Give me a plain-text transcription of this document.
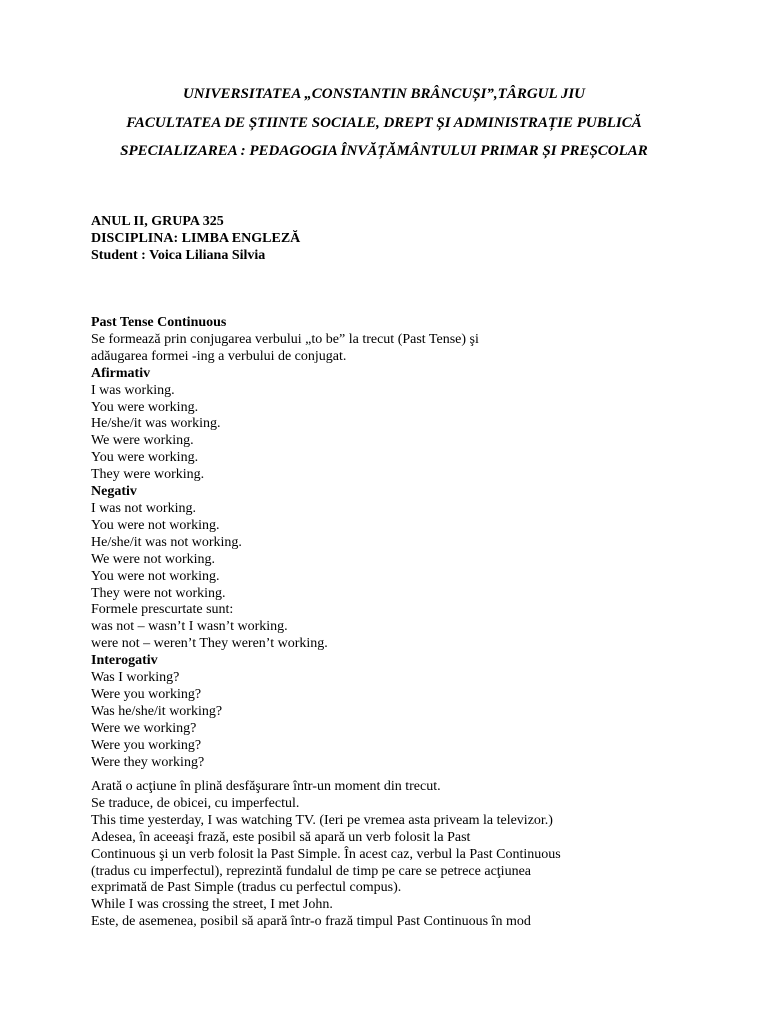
UNIVERSITATEA „CONSTANTIN BRÂNCUȘI”,TÂRGUL JIU
FACULTATEA DE ȘTIINTE SOCIALE, DREPT ȘI ADMINISTRAȚIE PUBLICĂ
SPECIALIZAREA : PEDAGOGIA ÎNVĂȚĂMÂNTULUI PRIMAR ȘI PREȘCOLAR
ANUL II, GRUPA 325
DISCIPLINA: LIMBA ENGLEZĂ
Student : Voica Liliana Silvia
Past Tense Continuous
Se formează prin conjugarea verbului „to be” la trecut (Past Tense) şi
adăugarea formei -ing a verbului de conjugat.
Afirmativ
I was working.
You were working.
He/she/it was working.
We were working.
You were working.
They were working.
Negativ
I was not working.
You were not working.
He/she/it was not working.
We were not working.
You were not working.
They were not working.
Formele prescurtate sunt:
was not – wasn’t I wasn’t working.
were not – weren’t They weren’t working.
Interogativ
Was I working?
Were you working?
Was he/she/it working?
Were we working?
Were you working?
Were they working?
Arată o acţiune în plină desfăşurare într-un moment din trecut.
Se traduce, de obicei, cu imperfectul.
This time yesterday, I was watching TV. (Ieri pe vremea asta priveam la televizor.)
Adesea, în aceeaşi frază, este posibil să apară un verb folosit la Past
Continuous şi un verb folosit la Past Simple. În acest caz, verbul la Past Continuous
(tradus cu imperfectul), reprezintă fundalul de timp pe care se petrece acţiunea
exprimată de Past Simple (tradus cu perfectul compus).
While I was crossing the street, I met John.
Este, de asemenea, posibil să apară într-o frază timpul Past Continuous în mod
